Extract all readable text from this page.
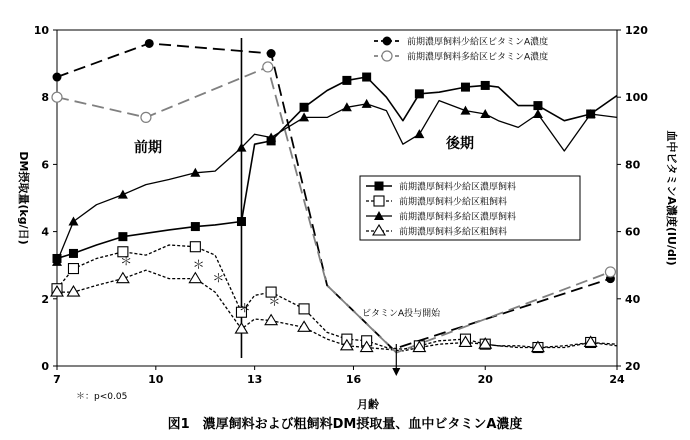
7	10	13	16	20	24
0
2
4
6
8
10
20
40
60
80
100
120
＊	＊
＊
＊ ＊
前期	後期
ビタミンA投与開始
月齢
DM摂取量(kg/日)	血中ビタミンA濃度(IU/dl)
＊：p<0.05
図1　濃厚飼料および粗飼料DM摂取量、血中ビタミンA濃度
前期濃厚飼料少給区ビタミンA濃度
前期濃厚飼料多給区ビタミンA濃度
前期濃厚飼料少給区濃厚飼料
前期濃厚飼料少給区粗飼料
前期濃厚飼料多給区濃厚飼料
前期濃厚飼料多給区粗飼料
